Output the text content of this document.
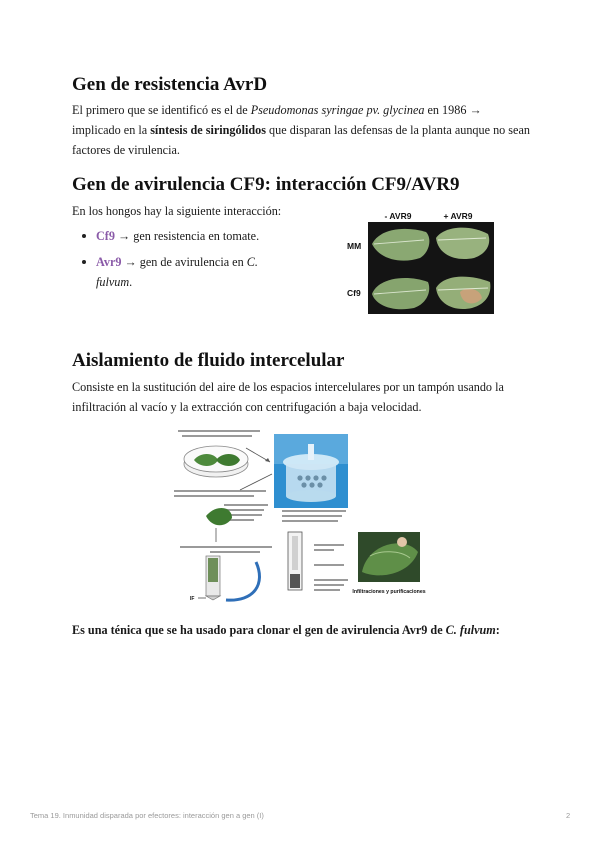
Gen de resistencia AvrD

El primero que se identificó es el de Pseudomonas syringae pv. glycinea en 1986 → implicado en la síntesis de siringólidos que disparan las defensas de la planta aunque no sean factores de virulencia.

Gen de avirulencia CF9: interacción CF9/AVR9

En los hongos hay la siguiente interacción:

Cf9 → gen resistencia en tomate.
Avr9 → gen de avirulencia en C. fulvum.
- AVR9	+ AVR9
MM
Cf9
Aislamiento de fluido intercelular

Consiste en la sustitución del aire de los espacios intercelulares por un tampón usando la infiltración al vacío y la extracción con centrifugación a baja velocidad.

IF
Infiltraciones y purificaciones

Es una ténica que se ha usado para clonar el gen de avirulencia Avr9 de C. fulvum:

Tema 19. Inmunidad disparada por efectores: interacción gen a gen (I)	2
